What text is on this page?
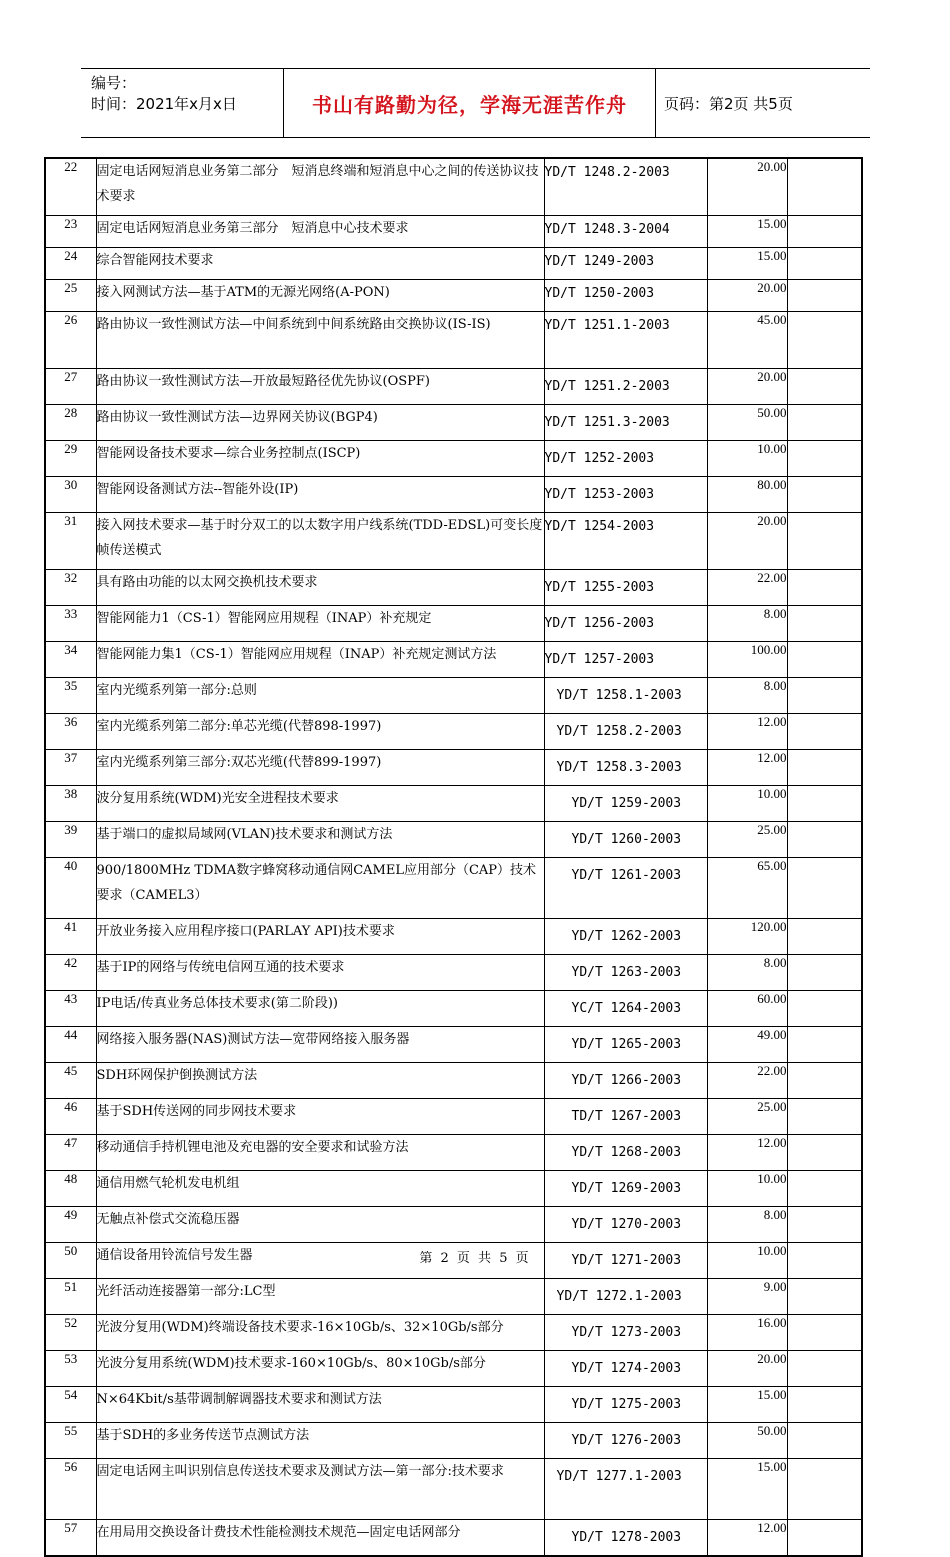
编号：
时间：2021年x月x日	书山有路勤为径，学海无涯苦作舟	页码：第2页 共5页
22	固定电话网短消息业务第二部分　短消息终端和短消息中心之间的传送协议技术要求	YD/T 1248.2-2003	20.00	
23	固定电话网短消息业务第三部分　短消息中心技术要求	YD/T 1248.3-2004	15.00	
24	综合智能网技术要求	YD/T 1249-2003	15.00	
25	接入网测试方法—基于ATM的无源光网络(A-PON)	YD/T 1250-2003	20.00	
26	路由协议一致性测试方法—中间系统到中间系统路由交换协议(IS-IS)	YD/T 1251.1-2003	45.00	
27	路由协议一致性测试方法—开放最短路径优先协议(OSPF)	YD/T 1251.2-2003	20.00	
28	路由协议一致性测试方法—边界网关协议(BGP4)	YD/T 1251.3-2003	50.00	
29	智能网设备技术要求—综合业务控制点(ISCP)	YD/T 1252-2003	10.00	
30	智能网设备测试方法--智能外设(IP)	YD/T 1253-2003	80.00	
31	接入网技术要求—基于时分双工的以太数字用户线系统(TDD-EDSL)可变长度帧传送模式	YD/T 1254-2003	20.00	
32	具有路由功能的以太网交换机技术要求	YD/T 1255-2003	22.00	
33	智能网能力1（CS-1）智能网应用规程（INAP）补充规定	YD/T 1256-2003	8.00	
34	智能网能力集1（CS-1）智能网应用规程（INAP）补充规定测试方法	YD/T 1257-2003	100.00	
35	室内光缆系列第一部分:总则	YD/T 1258.1-2003	8.00	
36	室内光缆系列第二部分:单芯光缆(代替898-1997)	YD/T 1258.2-2003	12.00	
37	室内光缆系列第三部分:双芯光缆(代替899-1997)	YD/T 1258.3-2003	12.00	
38	波分复用系统(WDM)光安全进程技术要求	YD/T 1259-2003	10.00	
39	基于端口的虚拟局域网(VLAN)技术要求和测试方法	YD/T 1260-2003	25.00	
40	900/1800MHz TDMA数字蜂窝移动通信网CAMEL应用部分（CAP）技术要求（CAMEL3）	YD/T 1261-2003	65.00	
41	开放业务接入应用程序接口(PARLAY API)技术要求	YD/T 1262-2003	120.00	
42	基于IP的网络与传统电信网互通的技术要求	YD/T 1263-2003	8.00	
43	IP电话/传真业务总体技术要求(第二阶段))	YC/T 1264-2003	60.00	
44	网络接入服务器(NAS)测试方法—宽带网络接入服务器	YD/T 1265-2003	49.00	
45	SDH环网保护倒换测试方法	YD/T 1266-2003	22.00	
46	基于SDH传送网的同步网技术要求	TD/T 1267-2003	25.00	
47	移动通信手持机锂电池及充电器的安全要求和试验方法	YD/T 1268-2003	12.00	
48	通信用燃气轮机发电机组	YD/T 1269-2003	10.00	
49	无触点补偿式交流稳压器	YD/T 1270-2003	8.00	
50	通信设备用铃流信号发生器	YD/T 1271-2003	10.00	
51	光纤活动连接器第一部分:LC型	YD/T 1272.1-2003	9.00	
52	光波分复用(WDM)终端设备技术要求-16×10Gb/s、32×10Gb/s部分	YD/T 1273-2003	16.00	
53	光波分复用系统(WDM)技术要求-160×10Gb/s、80×10Gb/s部分	YD/T 1274-2003	20.00	
54	N×64Kbit/s基带调制解调器技术要求和测试方法	YD/T 1275-2003	15.00	
55	基于SDH的多业务传送节点测试方法	YD/T 1276-2003	50.00	
56	固定电话网主叫识别信息传送技术要求及测试方法—第一部分:技术要求	YD/T 1277.1-2003	15.00	
57	在用局用交换设备计费技术性能检测技术规范—固定电话网部分	YD/T 1278-2003	12.00	
第 2 页 共 5 页
